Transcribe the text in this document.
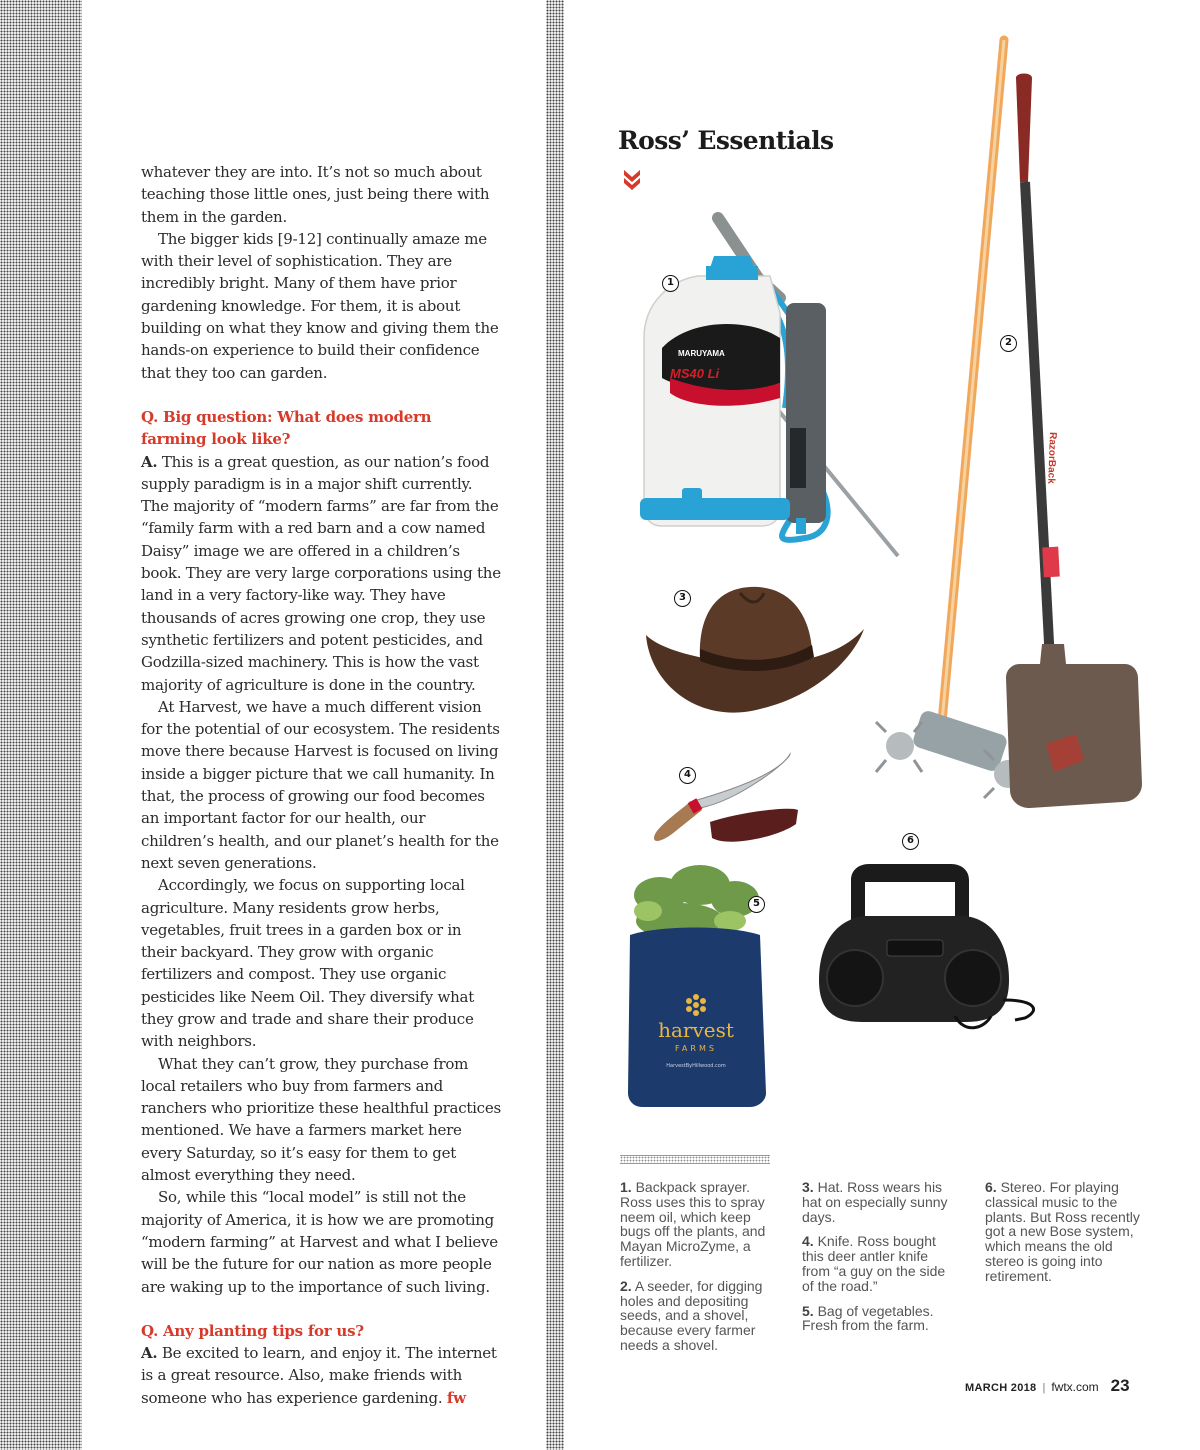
whatever they are into. It’s not so much about teaching those little ones, just being there with them in the garden.

The bigger kids [9-12] continually amaze me with their level of sophistication. They are incredibly bright. Many of them have prior gardening knowledge. For them, it is about building on what they know and giving them the hands-on experience to build their confidence that they too can garden.

Q. Big question: What does modern farming look like?

A. This is a great question, as our nation’s food supply paradigm is in a major shift currently. The majority of “modern farms” are far from the “family farm with a red barn and a cow named Daisy” image we are offered in a children’s book. They are very large corporations using the land in a very factory-like way. They have thousands of acres growing one crop, they use synthetic fertilizers and potent pesticides, and Godzilla-sized machinery. This is how the vast majority of agriculture is done in the country.

At Harvest, we have a much different vision for the potential of our ecosystem. The residents move there because Harvest is focused on living inside a bigger picture that we call humanity. In that, the process of growing our food becomes an important factor for our health, our children’s health, and our planet’s health for the next seven generations.

Accordingly, we focus on supporting local agriculture. Many residents grow herbs, vegetables, fruit trees in a garden box or in their backyard. They grow with organic fertilizers and compost. They use organic pesticides like Neem Oil. They diversify what they grow and trade and share their produce with neighbors.

What they can’t grow, they purchase from local retailers who buy from farmers and ranchers who prioritize these healthful practices mentioned. We have a farmers market here every Saturday, so it’s easy for them to get almost everything they need.

So, while this “local model” is still not the majority of America, it is how we are promoting “modern farming” at Harvest and what I believe will be the future for our nation as more people are waking up to the importance of such living.

Q. Any planting tips for us?

A. Be excited to learn, and enjoy it. The internet is a great resource. Also, make friends with someone who has experience gardening. fw

Ross’ Essentials
MARUYAMA
MS40 Li
1
RazorBack
2
3
4
harvest
FARMS
HarvestByHillwood.com
5
6

1. Backpack sprayer. Ross uses this to spray neem oil, which keep bugs off the plants, and Mayan MicroZyme, a fertilizer.

2. A seeder, for digging holes and depositing seeds, and a shovel, because every farmer needs a shovel.

3. Hat. Ross wears his hat on especially sunny days.

4. Knife. Ross bought this deer antler knife from “a guy on the side of the road.”

5. Bag of vegetables. Fresh from the farm.

6. Stereo. For playing classical music to the plants. But Ross recently got a new Bose system, which means the old stereo is going into retirement.

MARCH 2018 | fwtx.com 23
